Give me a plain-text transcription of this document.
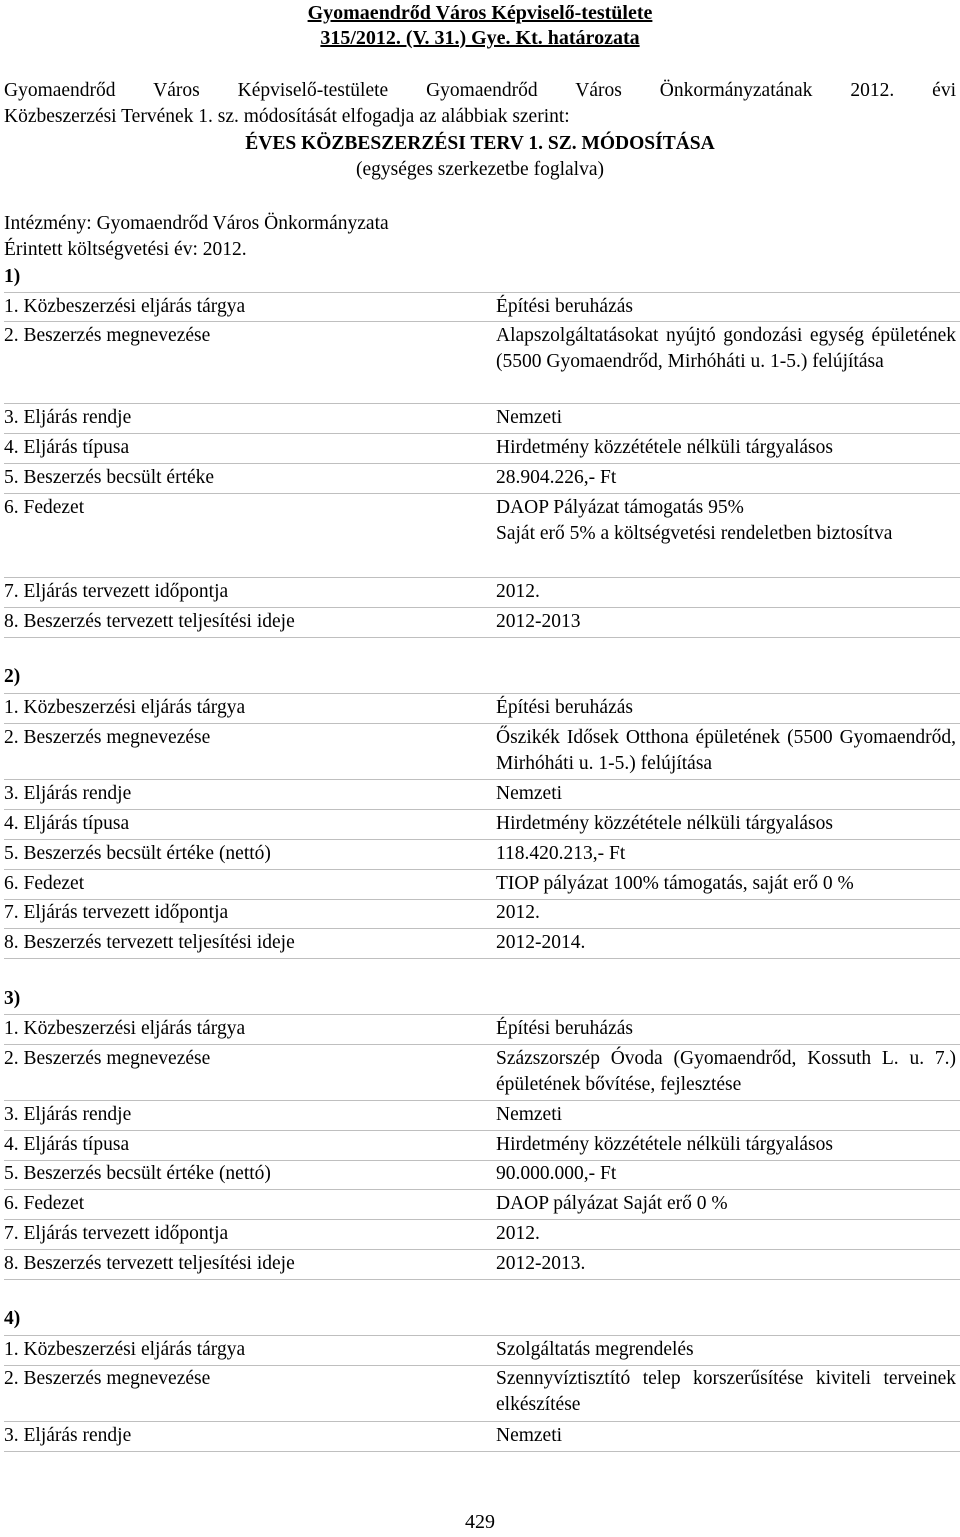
Gyomaendrőd Város Képviselő-testülete
315/2012. (V. 31.) Gye. Kt. határozata
Gyomaendrőd Város Képviselő-testülete Gyomaendrőd Város Önkormányzatának 2012. évi
Közbeszerzési Tervének 1. sz. módosítását elfogadja az alábbiak szerint:
ÉVES KÖZBESZERZÉSI TERV 1. SZ. MÓDOSÍTÁSA
(egységes szerkezetbe foglalva)
Intézmény: Gyomaendrőd Város Önkormányzata
Érintett költségvetési év: 2012.
1)
1. Közbeszerzési eljárás tárgya	Építési beruházás
2. Beszerzés megnevezése	Alapszolgáltatásokat nyújtó gondozási egység épületének (5500 Gyomaendrőd, Mirhóháti u. 1-5.) felújítása
3. Eljárás rendje	Nemzeti
4. Eljárás típusa	Hirdetmény közzététele nélküli tárgyalásos
5. Beszerzés becsült értéke	28.904.226,- Ft
6. Fedezet	DAOP Pályázat támogatás 95%
Saját erő 5% a költségvetési rendeletben biztosítva
7. Eljárás tervezett időpontja	2012.
8. Beszerzés tervezett teljesítési ideje	2012-2013
2)
1. Közbeszerzési eljárás tárgya	Építési beruházás
2. Beszerzés megnevezése	Őszikék Idősek Otthona épületének (5500 Gyomaendrőd, Mirhóháti u. 1-5.) felújítása
3. Eljárás rendje	Nemzeti
4. Eljárás típusa	Hirdetmény közzététele nélküli tárgyalásos
5. Beszerzés becsült értéke (nettó)	118.420.213,- Ft
6. Fedezet	TIOP pályázat 100% támogatás, saját erő 0 %
7. Eljárás tervezett időpontja	2012.
8. Beszerzés tervezett teljesítési ideje	2012-2014.
3)
1. Közbeszerzési eljárás tárgya	Építési beruházás
2. Beszerzés megnevezése	Százszorszép Óvoda (Gyomaendrőd, Kossuth L. u. 7.) épületének bővítése, fejlesztése
3. Eljárás rendje	Nemzeti
4. Eljárás típusa	Hirdetmény közzététele nélküli tárgyalásos
5. Beszerzés becsült értéke (nettó)	90.000.000,- Ft
6. Fedezet	DAOP pályázat Saját erő 0 %
7. Eljárás tervezett időpontja	2012.
8. Beszerzés tervezett teljesítési ideje	2012-2013.
4)
1. Közbeszerzési eljárás tárgya	Szolgáltatás megrendelés
2. Beszerzés megnevezése	Szennyvíztisztító telep korszerűsítése kiviteli terveinek elkészítése
3. Eljárás rendje	Nemzeti
429
